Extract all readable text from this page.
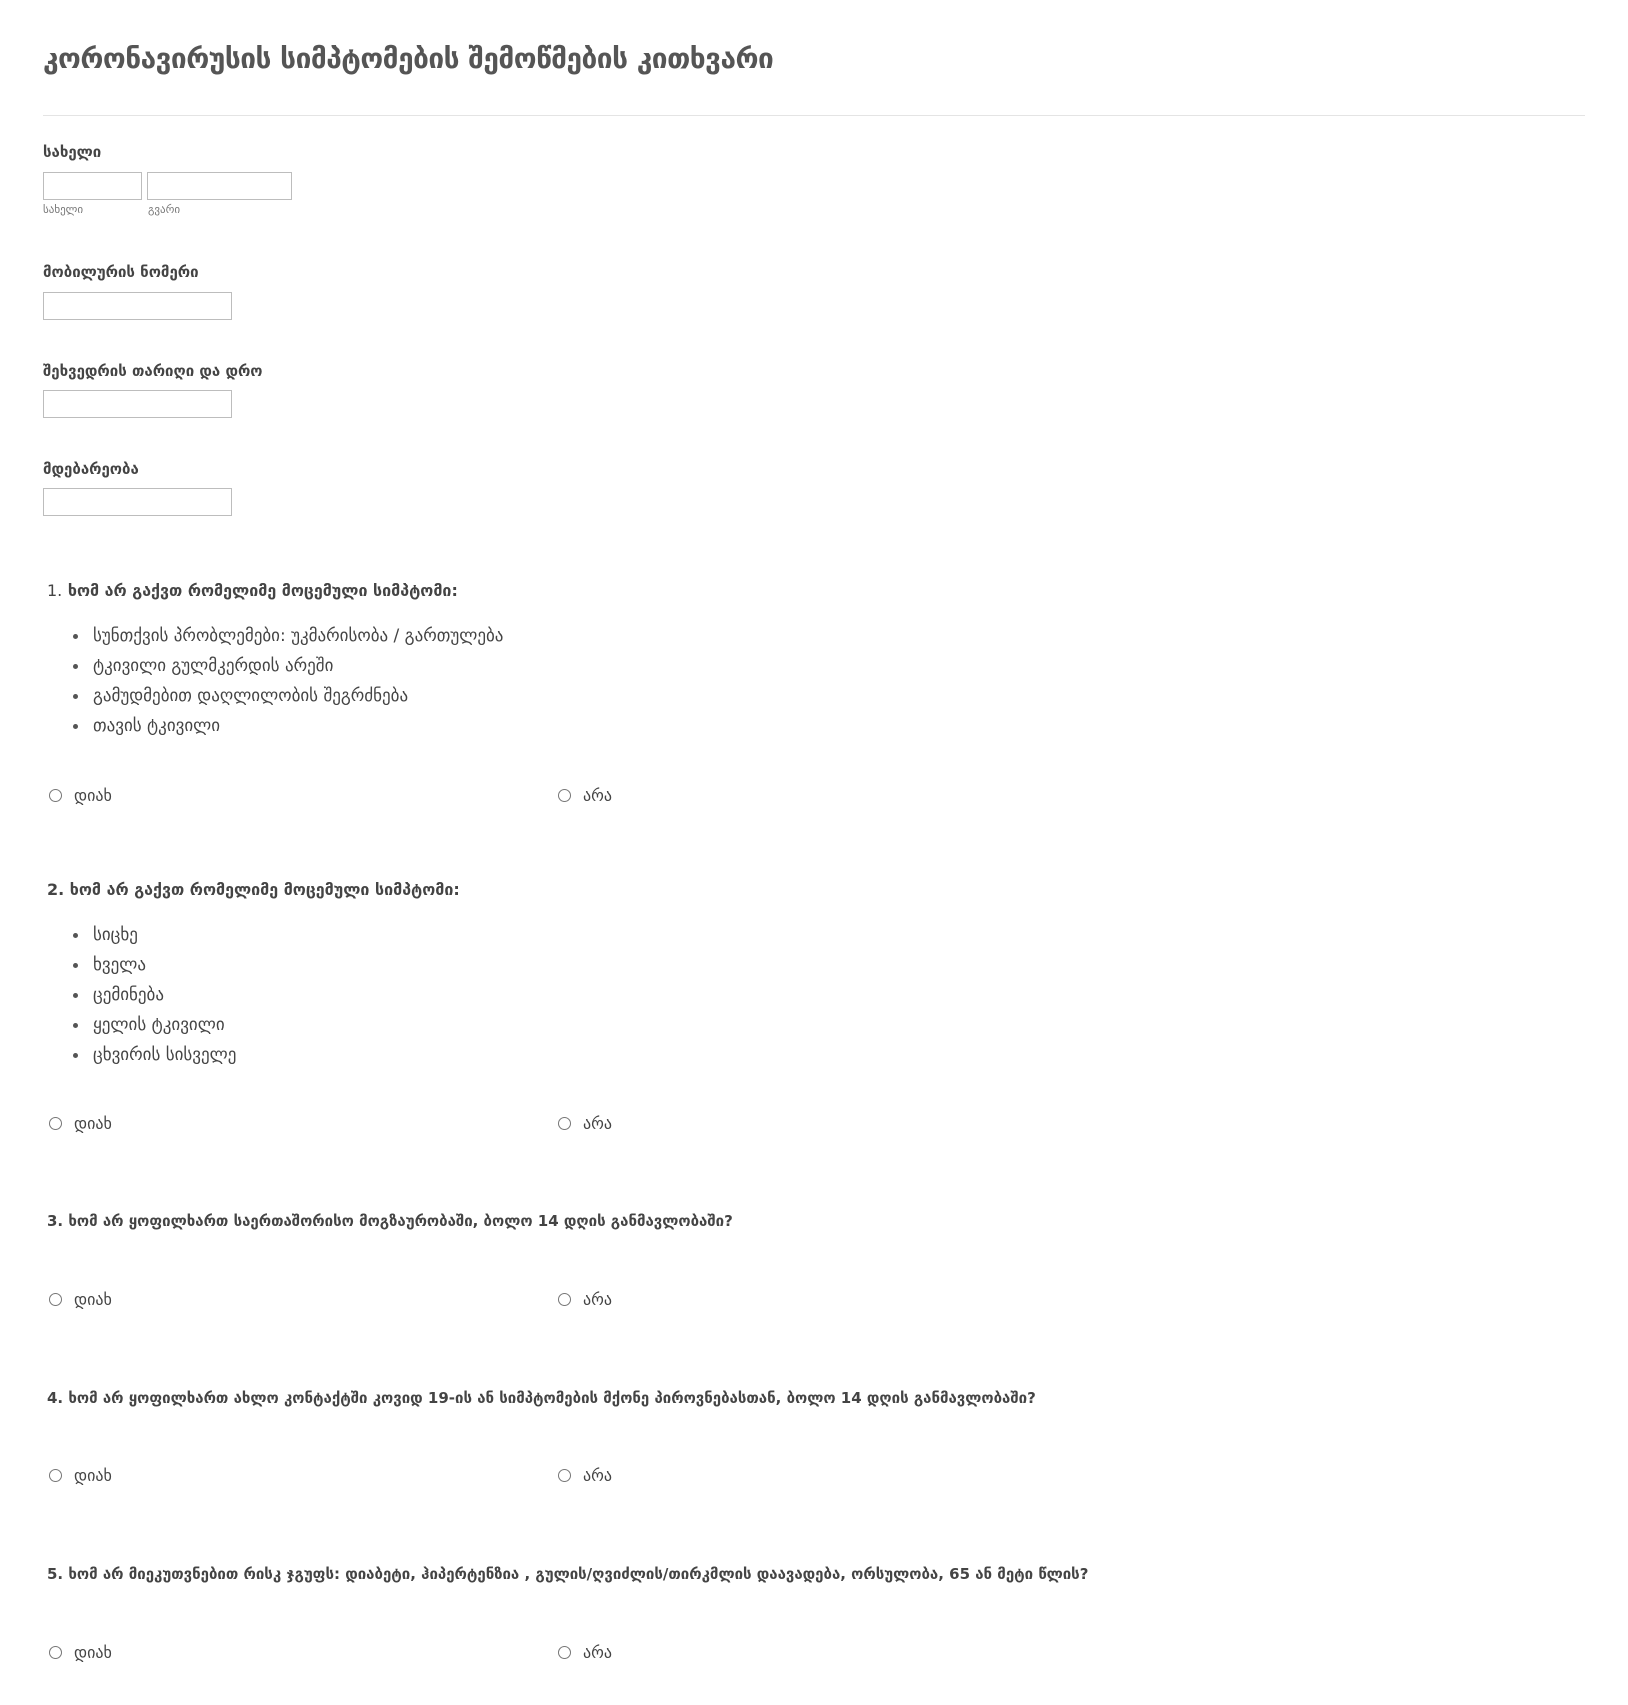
კორონავირუსის სიმპტომების შემოწმების კითხვარი
სახელი
სახელი	გვარი
მობილურის ნომერი
შეხვედრის თარიღი და დრო
მდებარეობა
1. ხომ არ გაქვთ რომელიმე მოცემული სიმპტომი:
სუნთქვის პრობლემები: უკმარისობა / გართულება
ტკივილი გულმკერდის არეში
გამუდმებით დაღლილობის შეგრძნება
თავის ტკივილი
დიახ	არა
2. ხომ არ გაქვთ რომელიმე მოცემული სიმპტომი:
სიცხე
ხველა
ცემინება
ყელის ტკივილი
ცხვირის სისველე
დიახ	არა
3. ხომ არ ყოფილხართ საერთაშორისო მოგზაურობაში, ბოლო 14 დღის განმავლობაში?
დიახ	არა
4. ხომ არ ყოფილხართ ახლო კონტაქტში კოვიდ 19-ის ან სიმპტომების მქონე პიროვნებასთან, ბოლო 14 დღის განმავლობაში?
დიახ	არა
5. ხომ არ მიეკუთვნებით რისკ ჯგუფს: დიაბეტი, ჰიპერტენზია , გულის/ღვიძლის/თირკმლის დაავადება, ორსულობა, 65 ან მეტი წლის?
დიახ	არა
